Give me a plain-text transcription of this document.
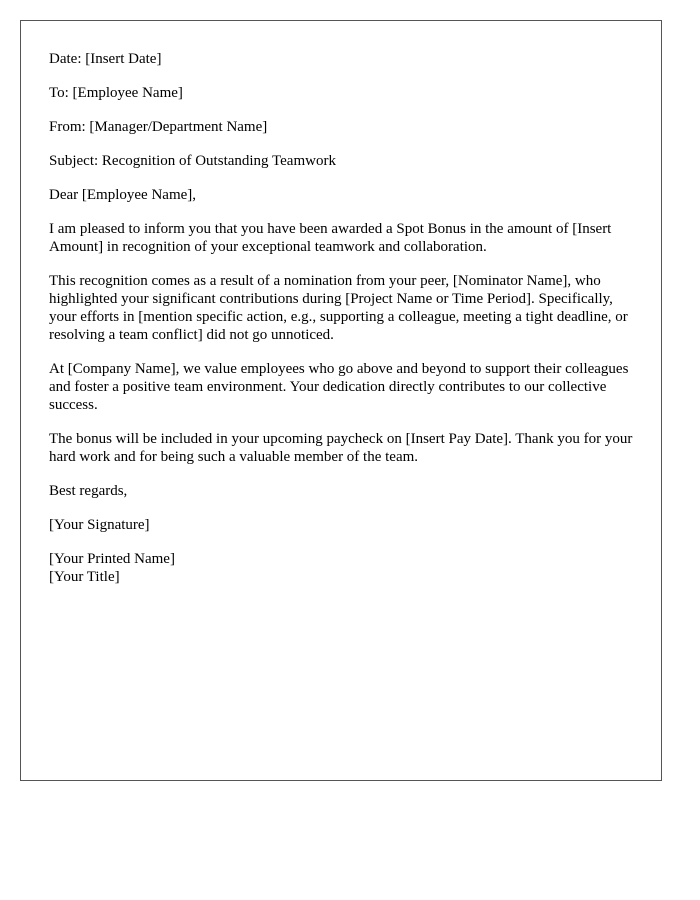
Date: [Insert Date]

To: [Employee Name]

From: [Manager/Department Name]

Subject: Recognition of Outstanding Teamwork

Dear [Employee Name],

I am pleased to inform you that you have been awarded a Spot Bonus in the amount of [Insert Amount] in recognition of your exceptional teamwork and collaboration.

This recognition comes as a result of a nomination from your peer, [Nominator Name], who highlighted your significant contributions during [Project Name or Time Period]. Specifically, your efforts in [mention specific action, e.g., supporting a colleague, meeting a tight deadline, or resolving a team conflict] did not go unnoticed.

At [Company Name], we value employees who go above and beyond to support their colleagues and foster a positive team environment. Your dedication directly contributes to our collective success.

The bonus will be included in your upcoming paycheck on [Insert Pay Date]. Thank you for your hard work and for being such a valuable member of the team.

Best regards,

[Your Signature]

[Your Printed Name]
[Your Title]
